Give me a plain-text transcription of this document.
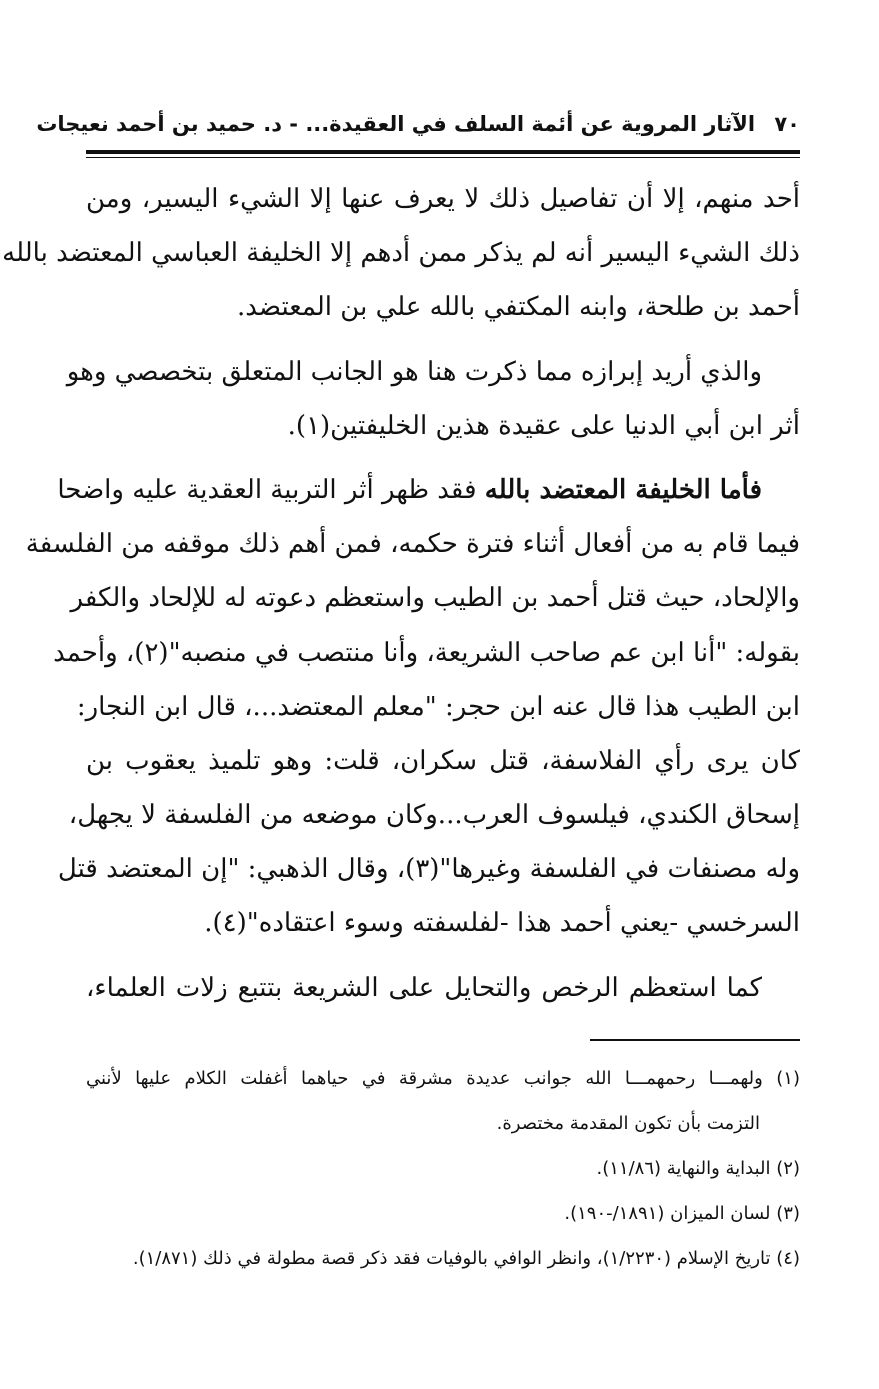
٧٠ الآثار المروية عن أئمة السلف في العقيدة... - د. حميد بن أحمد نعيجات
أحد منهم، إلا أن تفاصيل ذلك لا يعرف عنها إلا الشيء اليسير، ومن
ذلك الشيء اليسير أنه لم يذكر ممن أدهم إلا الخليفة العباسي المعتضد بالله
أحمد بن طلحة، وابنه المكتفي بالله علي بن المعتضد.
والذي أريد إبرازه مما ذكرت هنا هو الجانب المتعلق بتخصصي وهو
أثر ابن أبي الدنيا على عقيدة هذين الخليفتين(١).
فأما الخليفة المعتضد بالله فقد ظهر أثر التربية العقدية عليه واضحا
فيما قام به من أفعال أثناء فترة حكمه، فمن أهم ذلك موقفه من الفلسفة
والإلحاد، حيث قتل أحمد بن الطيب واستعظم دعوته له للإلحاد والكفر
بقوله: "أنا ابن عم صاحب الشريعة، وأنا منتصب في منصبه"(٢)، وأحمد
ابن الطيب هذا قال عنه ابن حجر: "معلم المعتضد...، قال ابن النجار:
كان يرى رأي الفلاسفة، قتل سكران، قلت: وهو تلميذ يعقوب بن
إسحاق الكندي، فيلسوف العرب...وكان موضعه من الفلسفة لا يجهل،
وله مصنفات في الفلسفة وغيرها"(٣)، وقال الذهبي: "إن المعتضد قتل
السرخسي -يعني أحمد هذا -لفلسفته وسوء اعتقاده"(٤).
كما استعظم الرخص والتحايل على الشريعة بتتبع زلات العلماء،
(١) ولهمـــا رحمهمـــا الله جوانب عديدة مشرقة في حياهما أغفلت الكلام عليها لأنني
التزمت بأن تكون المقدمة مختصرة.
(٢) البداية والنهاية (١١/٨٦).
(٣) لسان الميزان (١٨٩١/-١٩٠).
(٤) تاريخ الإسلام (١/٢٢٣٠)، وانظر الوافي بالوفيات فقد ذكر قصة مطولة في ذلك (١/٨٧١).
